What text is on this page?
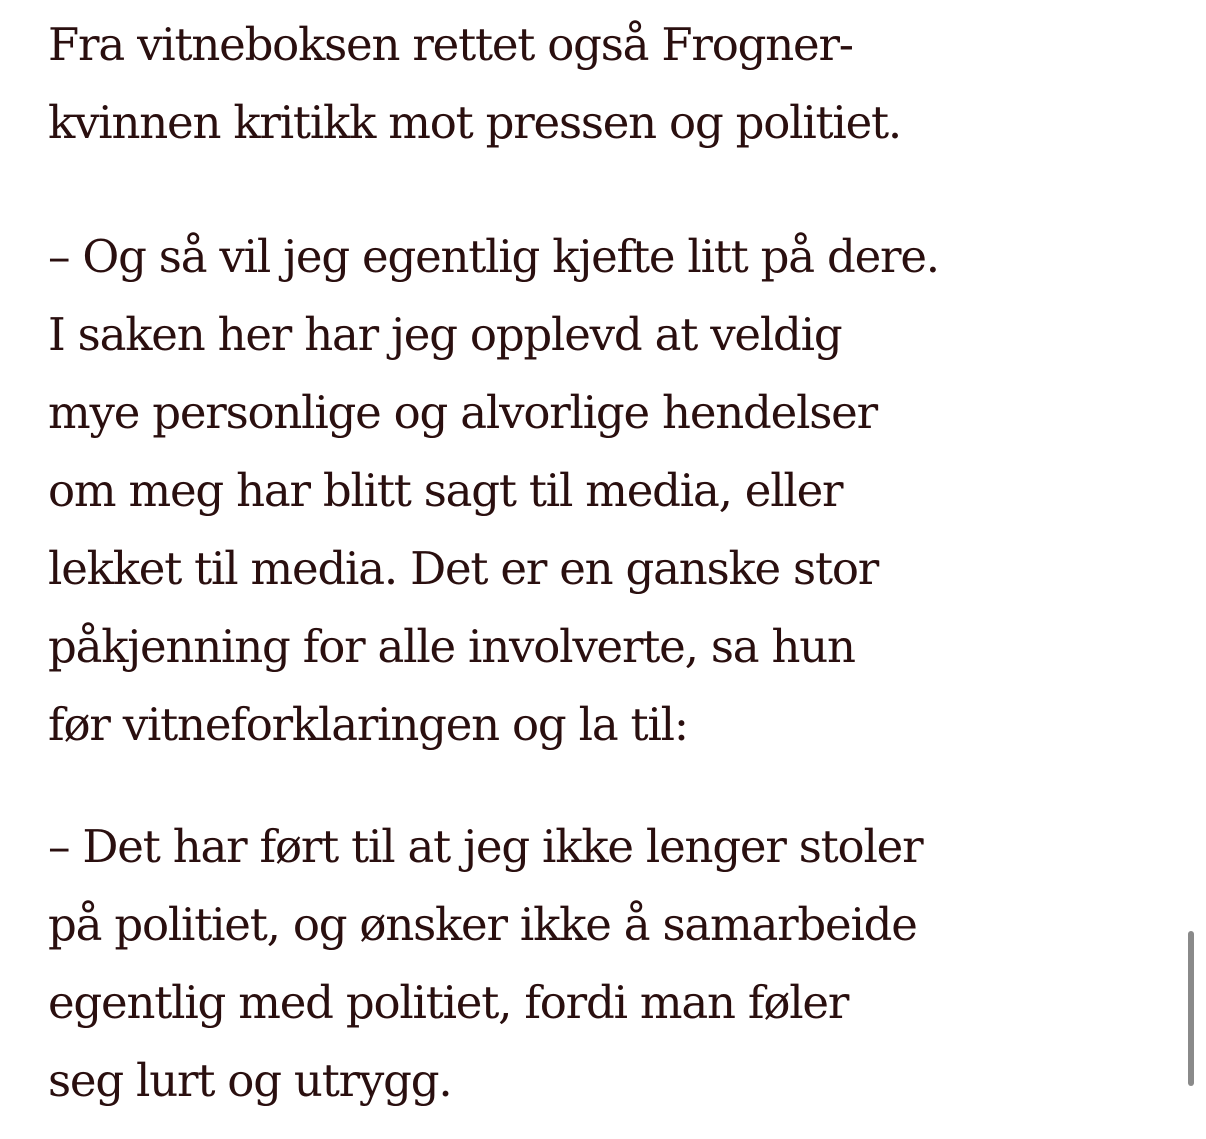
Fra vitneboksen rettet også Frogner-
kvinnen kritikk mot pressen og politiet.

– Og så vil jeg egentlig kjefte litt på dere.
I saken her har jeg opplevd at veldig
mye personlige og alvorlige hendelser
om meg har blitt sagt til media, eller
lekket til media. Det er en ganske stor
påkjenning for alle involverte, sa hun
før vitneforklaringen og la til:

– Det har ført til at jeg ikke lenger stoler
på politiet, og ønsker ikke å samarbeide
egentlig med politiet, fordi man føler
seg lurt og utrygg.
